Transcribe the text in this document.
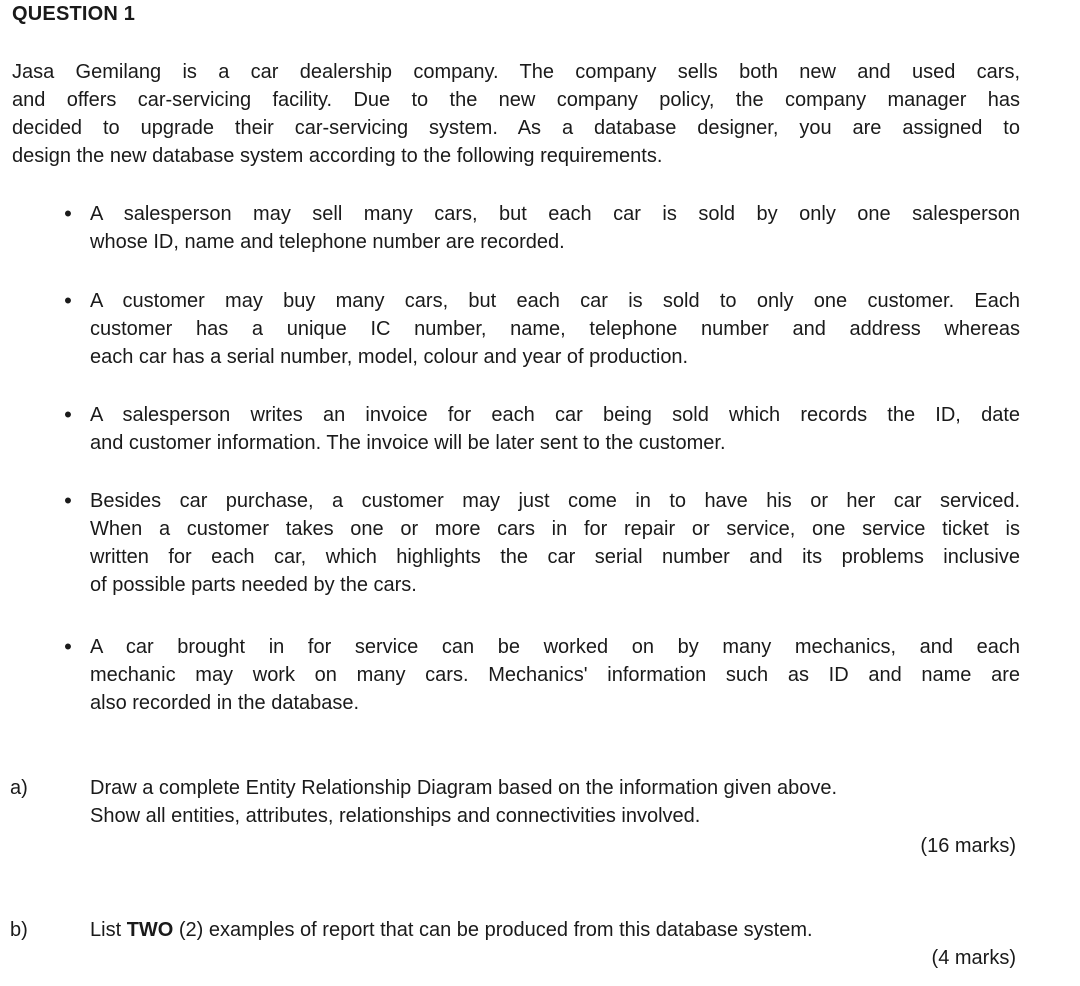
QUESTION 1

Jasa Gemilang is a car dealership company. The company sells both new and used cars,
and offers car-servicing facility. Due to the new company policy, the company manager has
decided to upgrade their car-servicing system. As a database designer, you are assigned to
design the new database system according to the following requirements.

• A salesperson may sell many cars, but each car is sold by only one salesperson
whose ID, name and telephone number are recorded.
• A customer may buy many cars, but each car is sold to only one customer. Each
customer has a unique IC number, name, telephone number and address whereas
each car has a serial number, model, colour and year of production.
• A salesperson writes an invoice for each car being sold which records the ID, date
and customer information. The invoice will be later sent to the customer.
• Besides car purchase, a customer may just come in to have his or her car serviced.
When a customer takes one or more cars in for repair or service, one service ticket is
written for each car, which highlights the car serial number and its problems inclusive
of possible parts needed by the cars.
• A car brought in for service can be worked on by many mechanics, and each
mechanic may work on many cars. Mechanics' information such as ID and name are
also recorded in the database.
a)	Draw a complete Entity Relationship Diagram based on the information given above.
Show all entities, attributes, relationships and connectivities involved.
(16 marks)
b)	List TWO (2) examples of report that can be produced from this database system.
(4 marks)
